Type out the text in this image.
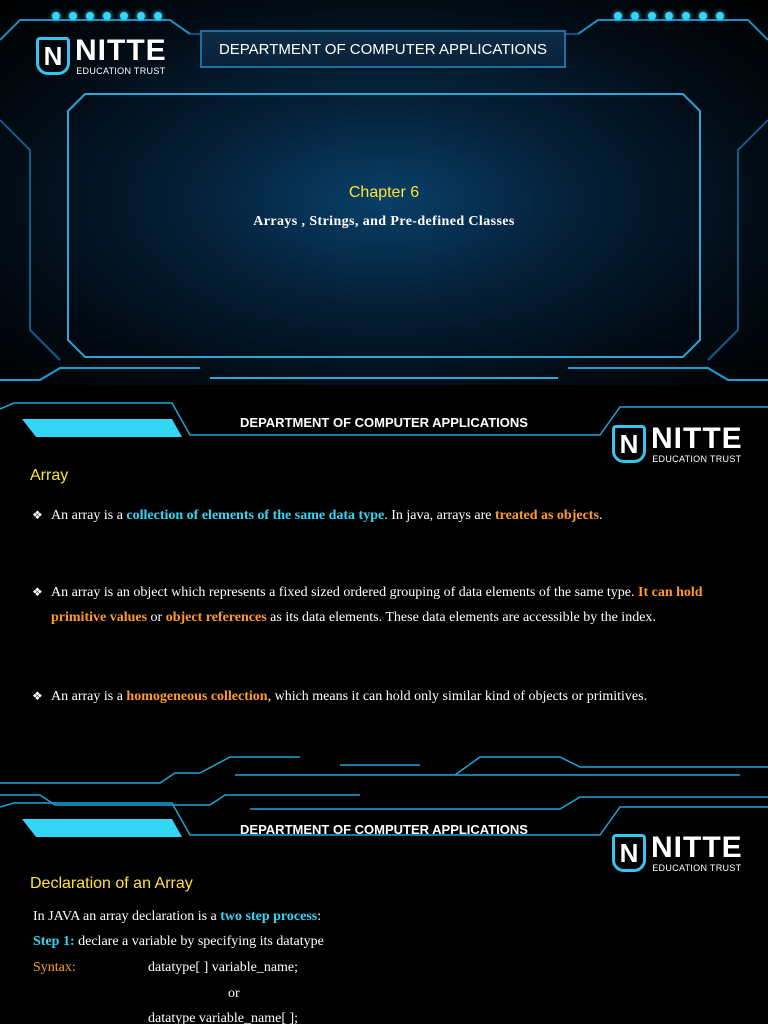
N NITTE
EDUCATION TRUST
DEPARTMENT OF COMPUTER APPLICATIONS
Chapter 6
Arrays , Strings, and Pre-defined Classes
DEPARTMENT OF COMPUTER APPLICATIONS
N NITTE
EDUCATION TRUST
Array
❖ An array is a collection of elements of the same data type. In java, arrays are treated as objects.
❖ An array is an object which represents a fixed sized ordered grouping of data elements of the same type. It can hold primitive values or object references as its data elements. These data elements are accessible by the index.
❖ An array is a homogeneous collection, which means it can hold only similar kind of objects or primitives.
DEPARTMENT OF COMPUTER APPLICATIONS
N NITTE
EDUCATION TRUST
Declaration of an Array
In JAVA an array declaration is a two step process:
Step 1: declare a variable by specifying its datatype
Syntax:	datatype[ ] variable_name;
or
datatype variable_name[ ];
